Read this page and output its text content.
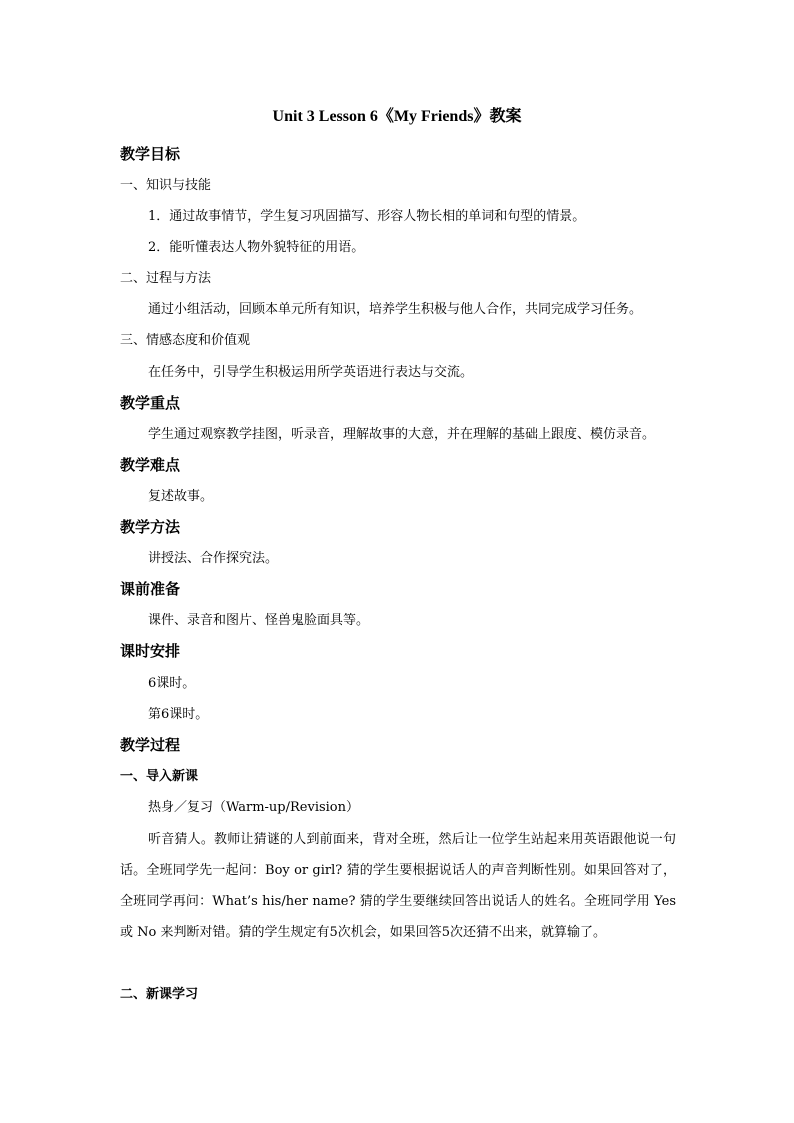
Unit 3 Lesson 6《My Friends》教案
教学目标
一、知识与技能
1．通过故事情节，学生复习巩固描写、形容人物长相的单词和句型的情景。
2．能听懂表达人物外貌特征的用语。
二、过程与方法
通过小组活动，回顾本单元所有知识，培养学生积极与他人合作，共同完成学习任务。
三、情感态度和价值观
在任务中，引导学生积极运用所学英语进行表达与交流。
教学重点
学生通过观察教学挂图，听录音，理解故事的大意，并在理解的基础上跟度、模仿录音。
教学难点
复述故事。
教学方法
讲授法、合作探究法。
课前准备
课件、录音和图片、怪兽鬼脸面具等。
课时安排
6课时。
第6课时。
教学过程
一、导入新课
热身／复习（Warm-up/Revision）
听音猜人。教师让猜谜的人到前面来，背对全班，然后让一位学生站起来用英语跟他说一句话。全班同学先一起问：Boy or girl? 猜的学生要根据说话人的声音判断性别。如果回答对了，全班同学再问：What’s his/her name? 猜的学生要继续回答出说话人的姓名。全班同学用 Yes 或 No 来判断对错。猜的学生规定有5次机会，如果回答5次还猜不出来，就算输了。
二、新课学习
